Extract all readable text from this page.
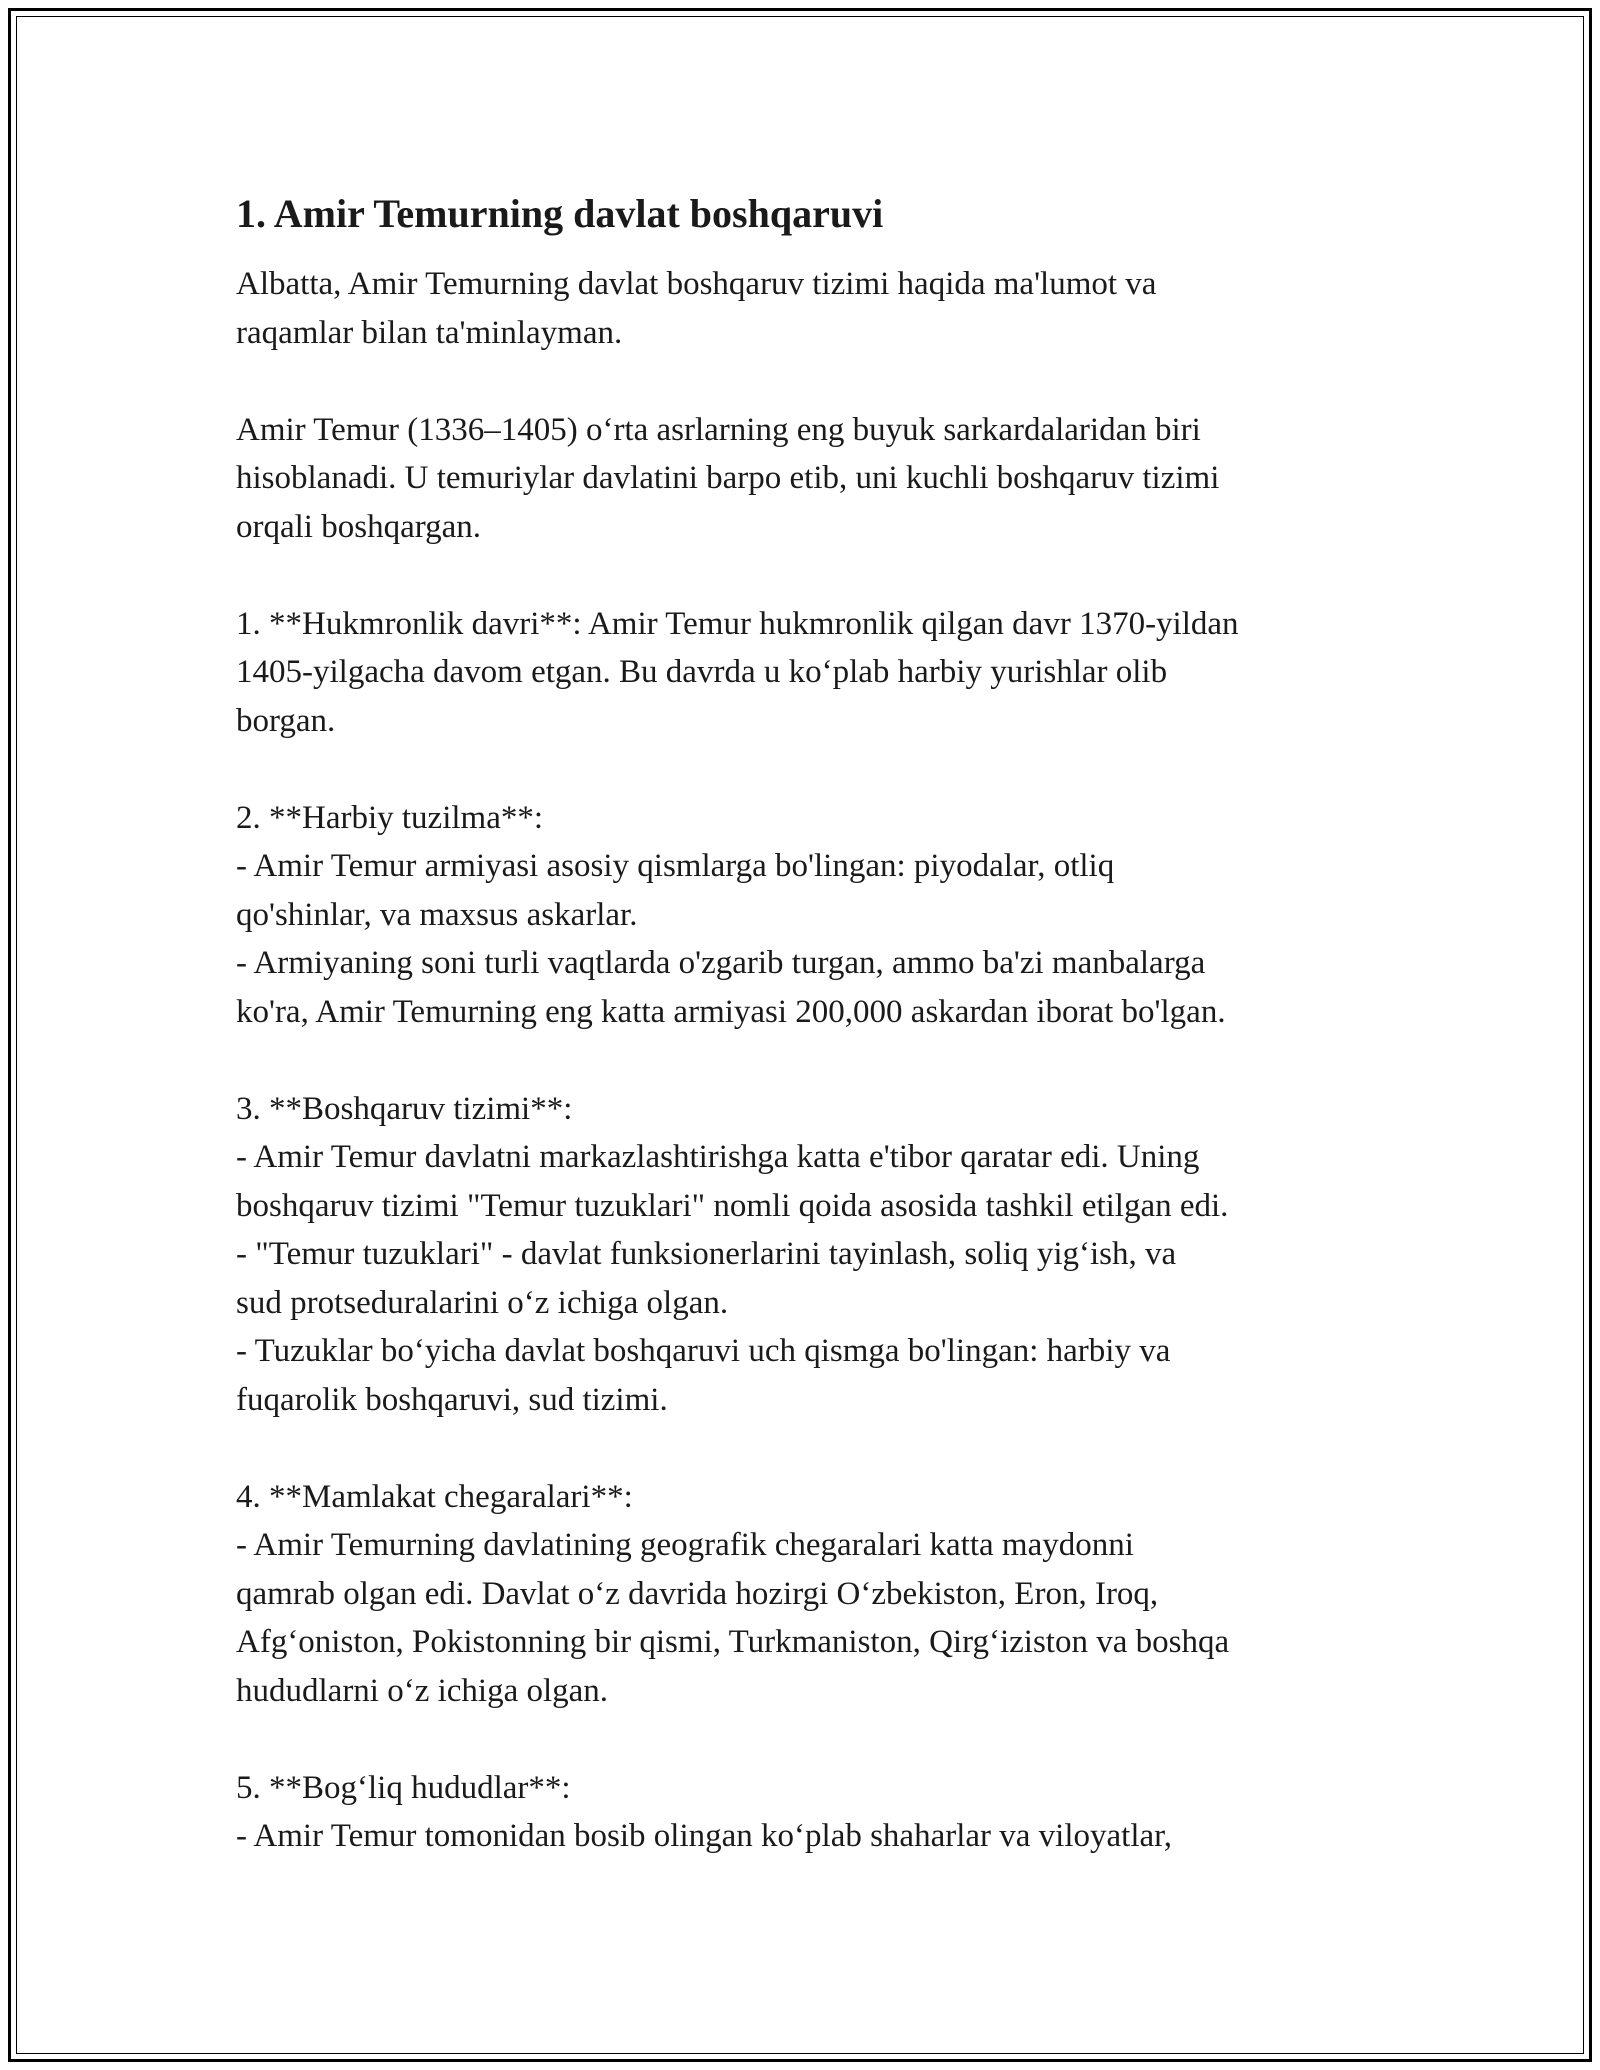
1. Amir Temurning davlat boshqaruvi

Albatta, Amir Temurning davlat boshqaruv tizimi haqida ma'lumot va
raqamlar bilan ta'minlayman.

Amir Temur (1336–1405) o‘rta asrlarning eng buyuk sarkardalaridan biri
hisoblanadi. U temuriylar davlatini barpo etib, uni kuchli boshqaruv tizimi
orqali boshqargan.

1. **Hukmronlik davri**: Amir Temur hukmronlik qilgan davr 1370-yildan
1405-yilgacha davom etgan. Bu davrda u ko‘plab harbiy yurishlar olib
borgan.

2. **Harbiy tuzilma**:

- Amir Temur armiyasi asosiy qismlarga bo'lingan: piyodalar, otliq
qo'shinlar, va maxsus askarlar.

- Armiyaning soni turli vaqtlarda o'zgarib turgan, ammo ba'zi manbalarga
ko'ra, Amir Temurning eng katta armiyasi 200,000 askardan iborat bo'lgan.

3. **Boshqaruv tizimi**:

- Amir Temur davlatni markazlashtirishga katta e'tibor qaratar edi. Uning
boshqaruv tizimi "Temur tuzuklari" nomli qoida asosida tashkil etilgan edi.

- "Temur tuzuklari" - davlat funksionerlarini tayinlash, soliq yig‘ish, va
sud protseduralarini o‘z ichiga olgan.

- Tuzuklar bo‘yicha davlat boshqaruvi uch qismga bo'lingan: harbiy va
fuqarolik boshqaruvi, sud tizimi.

4. **Mamlakat chegaralari**:

- Amir Temurning davlatining geografik chegaralari katta maydonni
qamrab olgan edi. Davlat o‘z davrida hozirgi O‘zbekiston, Eron, Iroq,
Afg‘oniston, Pokistonning bir qismi, Turkmaniston, Qirg‘iziston va boshqa
hududlarni o‘z ichiga olgan.

5. **Bog‘liq hududlar**:

- Amir Temur tomonidan bosib olingan ko‘plab shaharlar va viloyatlar,
